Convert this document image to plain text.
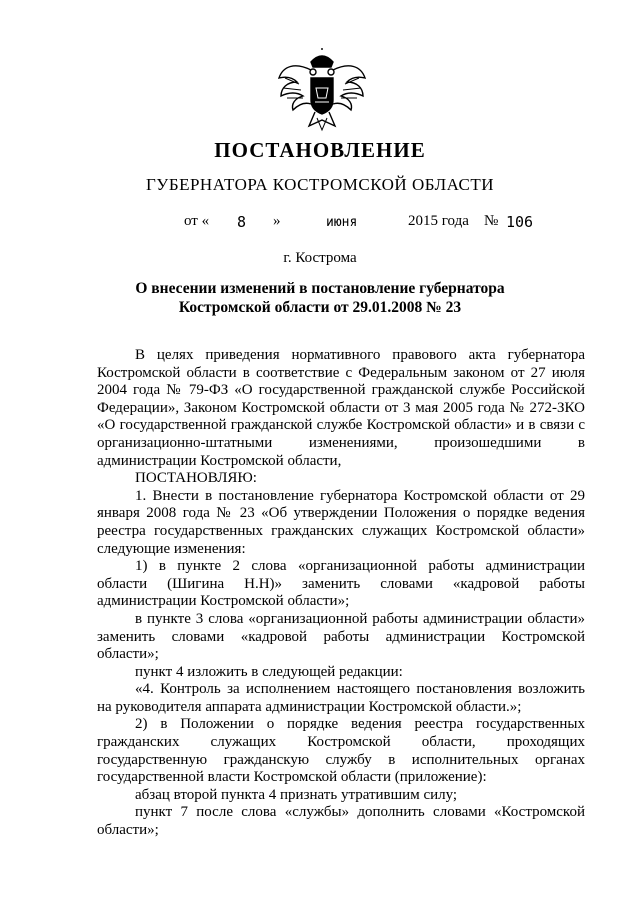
ПОСТАНОВЛЕНИЕ
ГУБЕРНАТОРА КОСТРОМСКОЙ ОБЛАСТИ
от « 8 »	июня	2015 года № 106
г. Кострома
О внесении изменений в постановление губернатора
Костромской области от 29.01.2008 № 23

В целях приведения нормативного правового акта губернатора Костромской области в соответствие с Федеральным законом от 27 июля 2004 года № 79-ФЗ «О государственной гражданской службе Российской Федерации», Законом Костромской области от 3 мая 2005 года № 272-ЗКО «О государственной гражданской службе Костромской области» и в связи с организационно-штатными изменениями, произошедшими в администрации Костромской области,

ПОСТАНОВЛЯЮ:

1. Внести в постановление губернатора Костромской области от 29 января 2008 года № 23 «Об утверждении Положения о порядке ведения реестра государственных гражданских служащих Костромской области» следующие изменения:

1) в пункте 2 слова «организационной работы администрации области (Шигина Н.Н)» заменить словами «кадровой работы администрации Костромской области»;

в пункте 3 слова «организационной работы администрации области» заменить словами «кадровой работы администрации Костромской области»;

пункт 4 изложить в следующей редакции:

«4. Контроль за исполнением настоящего постановления возложить на руководителя аппарата администрации Костромской области.»;

2) в Положении о порядке ведения реестра государственных гражданских служащих Костромской области, проходящих государственную гражданскую службу в исполнительных органах государственной власти Костромской области (приложение):

абзац второй пункта 4 признать утратившим силу;

пункт 7 после слова «службы» дополнить словами «Костромской области»;
